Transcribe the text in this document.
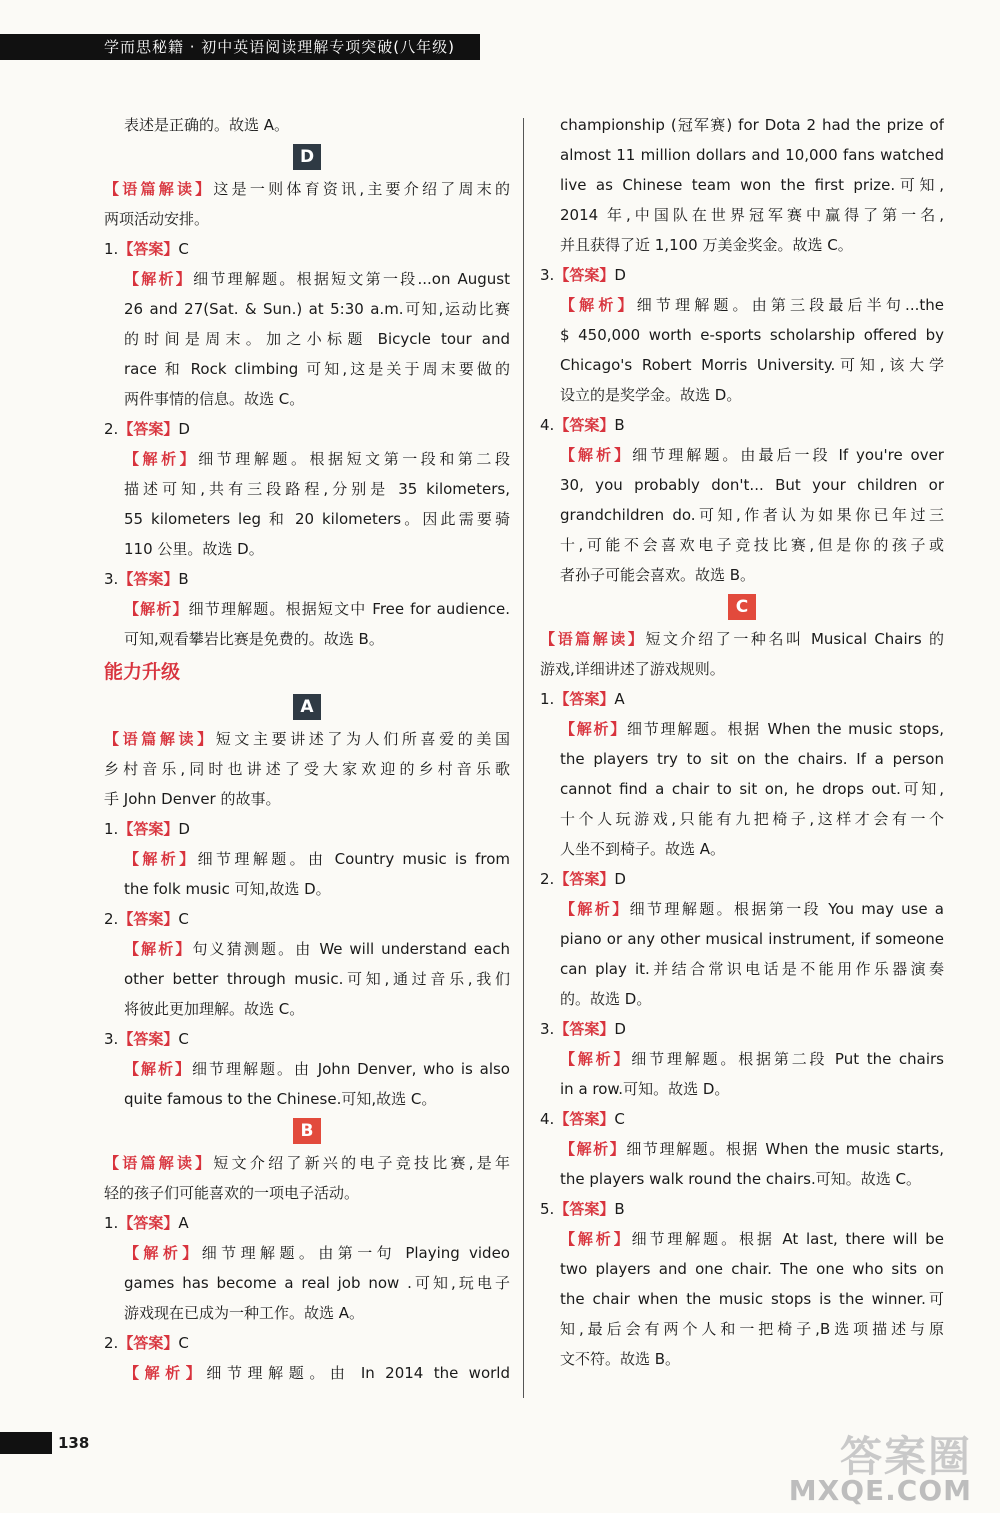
学而思秘籍 · 初中英语阅读理解专项突破(八年级)
表述是正确的。故选 A。
D
【语篇解读】这是一则体育资讯,主要介绍了周末的
两项活动安排。
1.【答案】C
【解析】细节理解题。根据短文第一段...on August
26 and 27(Sat. & Sun.) at 5:30 a.m.可知,运动比赛
的时间是周末。加之小标题 Bicycle tour and
race 和 Rock climbing 可知,这是关于周末要做的
两件事情的信息。故选 C。
2.【答案】D
【解析】细节理解题。根据短文第一段和第二段
描述可知,共有三段路程,分别是 35 kilometers,
55 kilometers leg 和 20 kilometers。因此需要骑
110 公里。故选 D。
3.【答案】B
【解析】细节理解题。根据短文中 Free for audience.
可知,观看攀岩比赛是免费的。故选 B。
能力升级
A
【语篇解读】短文主要讲述了为人们所喜爱的美国
乡村音乐,同时也讲述了受大家欢迎的乡村音乐歌
手 John Denver 的故事。
1.【答案】D
【解析】细节理解题。由 Country music is from
the folk music 可知,故选 D。
2.【答案】C
【解析】句义猜测题。由 We will understand each
other better through music.可知,通过音乐,我们
将彼此更加理解。故选 C。
3.【答案】C
【解析】细节理解题。由 John Denver, who is also
quite famous to the Chinese.可知,故选 C。
B
【语篇解读】短文介绍了新兴的电子竞技比赛,是年
轻的孩子们可能喜欢的一项电子活动。
1.【答案】A
【解析】细节理解题。由第一句 Playing video
games has become a real job now .可知,玩电子
游戏现在已成为一种工作。故选 A。
2.【答案】C
【解析】细节理解题。由 In 2014 the world
championship (冠军赛) for Dota 2 had the prize of
almost 11 million dollars and 10,000 fans watched
live as Chinese team won the first prize.可知,
2014 年,中国队在世界冠军赛中赢得了第一名,
并且获得了近 1,100 万美金奖金。故选 C。
3.【答案】D
【解析】细节理解题。由第三段最后半句...the
$ 450,000 worth e-sports scholarship offered by
Chicago's Robert Morris University.可知,该大学
设立的是奖学金。故选 D。
4.【答案】B
【解析】细节理解题。由最后一段 If you're over
30, you probably don't... But your children or
grandchildren do.可知,作者认为如果你已年过三
十,可能不会喜欢电子竞技比赛,但是你的孩子或
者孙子可能会喜欢。故选 B。
C
【语篇解读】短文介绍了一种名叫 Musical Chairs 的
游戏,详细讲述了游戏规则。
1.【答案】A
【解析】细节理解题。根据 When the music stops,
the players try to sit on the chairs. If a person
cannot find a chair to sit on, he drops out.可知,
十个人玩游戏,只能有九把椅子,这样才会有一个
人坐不到椅子。故选 A。
2.【答案】D
【解析】细节理解题。根据第一段 You may use a
piano or any other musical instrument, if someone
can play it.并结合常识电话是不能用作乐器演奏
的。故选 D。
3.【答案】D
【解析】细节理解题。根据第二段 Put the chairs
in a row.可知。故选 D。
4.【答案】C
【解析】细节理解题。根据 When the music starts,
the players walk round the chairs.可知。故选 C。
5.【答案】B
【解析】细节理解题。根据 At last, there will be
two players and one chair. The one who sits on
the chair when the music stops is the winner.可
知,最后会有两个人和一把椅子,B选项描述与原
文不符。故选 B。
138	答案圈
MXQE.COM
